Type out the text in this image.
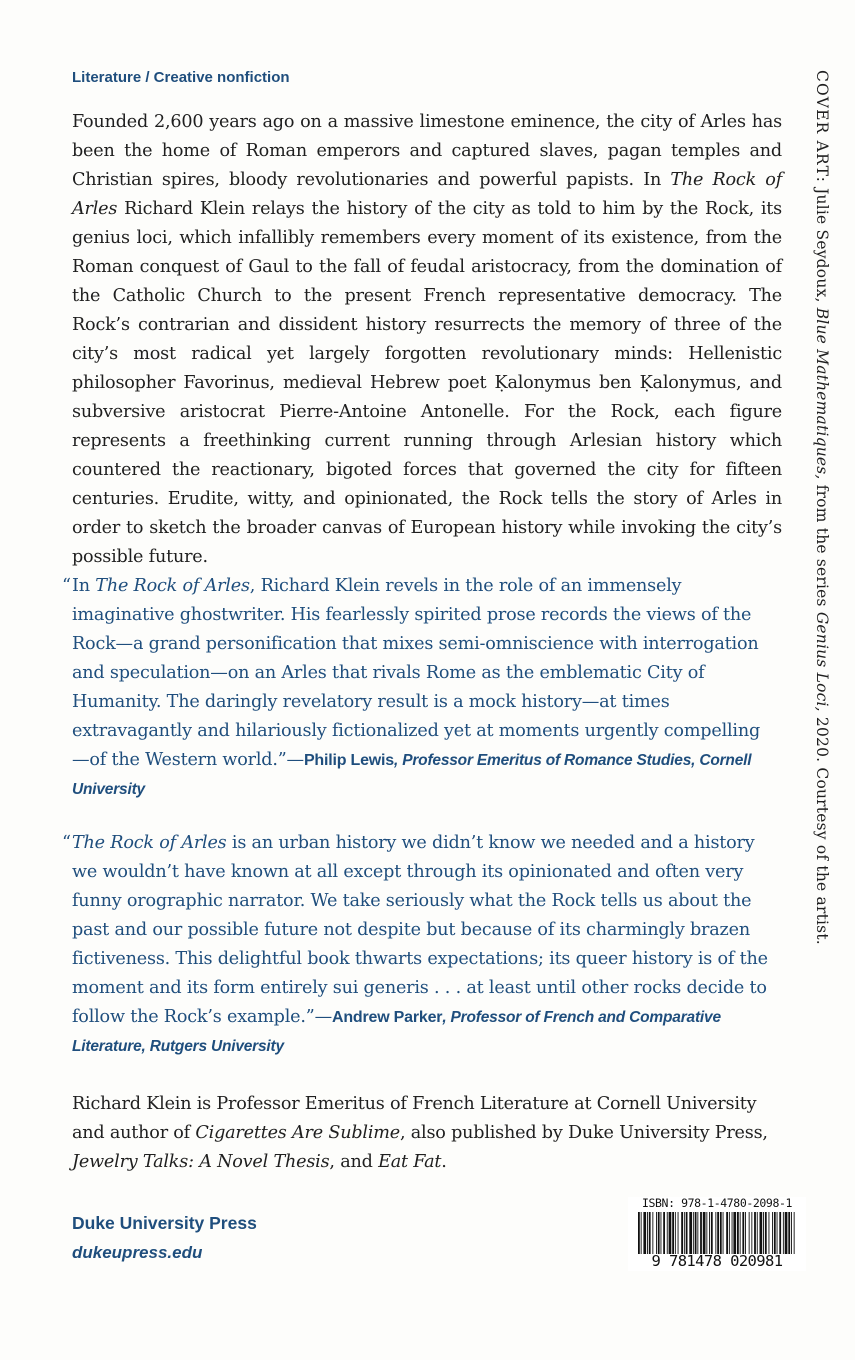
Literature / Creative nonfiction

Founded 2,600 years ago on a massive limestone eminence, the city of Arles has been the home of Roman emperors and captured slaves, pagan temples and Christian spires, bloody revolutionaries and powerful papists. In The Rock of Arles Richard Klein relays the history of the city as told to him by the Rock, its genius loci, which infallibly remembers every moment of its existence, from the Roman conquest of Gaul to the fall of feudal aristocracy, from the domination of the Catholic Church to the present French representative democracy. The Rock’s contrarian and dissident history resurrects the memory of three of the city’s most radical yet largely forgotten revolutionary minds: Hellenistic philosopher Favorinus, medieval Hebrew poet Ḳalonymus ben Ḳalonymus, and subversive aristocrat Pierre-Antoine Antonelle. For the Rock, each figure represents a freethinking current running through Arlesian history which countered the reactionary, bigoted forces that governed the city for fifteen centuries. Erudite, witty, and opinionated, the Rock tells the story of Arles in order to sketch the broader canvas of European history while invoking the city’s possible future.

“ In The Rock of Arles, Richard Klein revels in the role of an immensely imaginative ghostwriter. His fearlessly spirited prose records the views of the Rock—a grand personification that mixes semi-omniscience with interrogation and speculation—on an Arles that rivals Rome as the emblematic City of Humanity. The daringly revelatory result is a mock history—at times extravagantly and hilariously fictionalized yet at moments urgently compelling—of the Western world.”—Philip Lewis, Professor Emeritus of Romance Studies, Cornell University

“ The Rock of Arles is an urban history we didn’t know we needed and a history we wouldn’t have known at all except through its opinionated and often very funny orographic narrator. We take seriously what the Rock tells us about the past and our possible future not despite but because of its charmingly brazen fictiveness. This delightful book thwarts expectations; its queer history is of the moment and its form entirely sui generis . . . at least until other rocks decide to follow the Rock’s example.”—Andrew Parker, Professor of French and Comparative Literature, Rutgers University

Richard Klein is Professor Emeritus of French Literature at Cornell University and author of Cigarettes Are Sublime, also published by Duke University Press, Jewelry Talks: A Novel Thesis, and Eat Fat.

Duke University Press
dukeupress.edu
COVER ART: Julie Seydoux, Blue Mathematiques, from the series Genius Loci, 2020. Courtesy of the artist.
ISBN: 978-1-4780-2098-1
9 781478 020981
